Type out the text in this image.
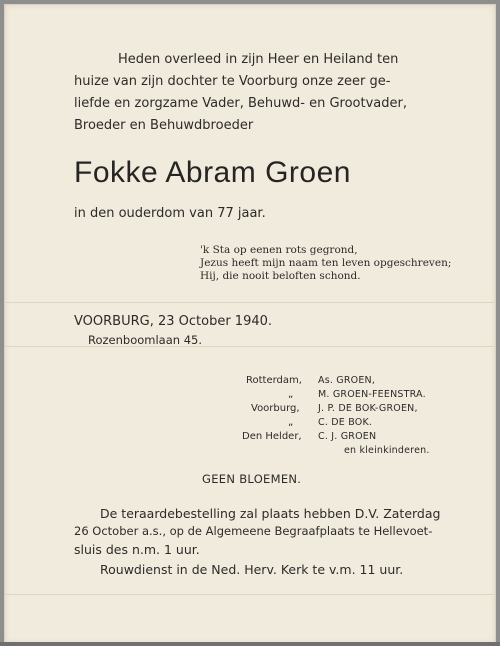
Heden overleed in zijn Heer en Heiland ten
huize van zijn dochter te Voorburg onze zeer ge-
liefde en zorgzame Vader, Behuwd- en Grootvader,
Broeder en Behuwdbroeder
Fokke Abram Groen
in den ouderdom van 77 jaar.
'k Sta op eenen rots gegrond,
Jezus heeft mijn naam ten leven opgeschreven;
Hij, die nooit beloften schond.
VOORBURG, 23 October 1940.
Rozenboomlaan 45.
Rotterdam, As. GROEN,
„	M. GROEN-FEENSTRA.
Voorburg, J. P. DE BOK-GROEN,
„	C. DE BOK.
Den Helder, C. J. GROEN
en kleinkinderen.
GEEN BLOEMEN.
De teraardebestelling zal plaats hebben D.V. Zaterdag
26 October a.s., op de Algemeene Begraafplaats te Hellevoet-
sluis des n.m. 1 uur.
Rouwdienst in de Ned. Herv. Kerk te v.m. 11 uur.
